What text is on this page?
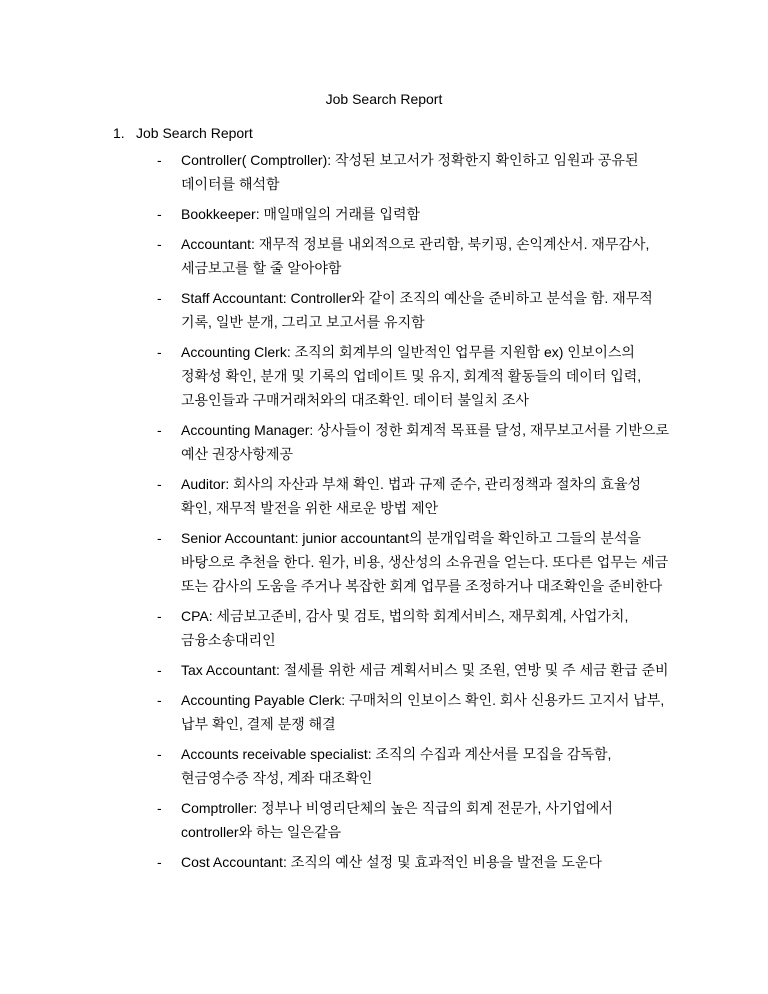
Job Search Report
1. Job Search Report
- Controller( Comptroller): 작성된 보고서가 정확한지 확인하고 임원과 공유된
데이터를 해석함
- Bookkeeper: 매일매일의 거래를 입력함
- Accountant: 재무적 정보를 내외적으로 관리함, 북키핑, 손익계산서. 재무감사,
세금보고를 할 줄 알아야함
- Staff Accountant: Controller와 같이 조직의 예산을 준비하고 분석을 함. 재무적
기록, 일반 분개, 그리고 보고서를 유지함
- Accounting Clerk: 조직의 회계부의 일반적인 업무를 지원함 ex) 인보이스의
정확성 확인, 분개 및 기록의 업데이트 및 유지, 회계적 활동들의 데이터 입력,
고용인들과 구매거래처와의 대조확인. 데이터 불일치 조사
- Accounting Manager: 상사들이 정한 회계적 목표를 달성, 재무보고서를 기반으로
예산 권장사항제공
- Auditor: 회사의 자산과 부채 확인. 법과 규제 준수, 관리정책과 절차의 효율성
확인, 재무적 발전을 위한 새로운 방법 제안
- Senior Accountant: junior accountant의 분개입력을 확인하고 그들의 분석을
바탕으로 추천을 한다. 원가, 비용, 생산성의 소유권을 얻는다. 또다른 업무는 세금
또는 감사의 도움을 주거나 복잡한 회계 업무를 조정하거나 대조확인을 준비한다
- CPA: 세금보고준비, 감사 및 검토, 법의학 회계서비스, 재무회계, 사업가치,
금융소송대리인
- Tax Accountant: 절세를 위한 세금 계획서비스 및 조원, 연방 및 주 세금 환급 준비
- Accounting Payable Clerk: 구매처의 인보이스 확인. 회사 신용카드 고지서 납부,
납부 확인, 결제 분쟁 해결
- Accounts receivable specialist: 조직의 수집과 계산서를 모집을 감독함,
현금영수증 작성, 계좌 대조확인
- Comptroller: 정부나 비영리단체의 높은 직급의 회계 전문가, 사기업에서
controller와 하는 일은같음
- Cost Accountant: 조직의 예산 설정 및 효과적인 비용을 발전을 도운다
